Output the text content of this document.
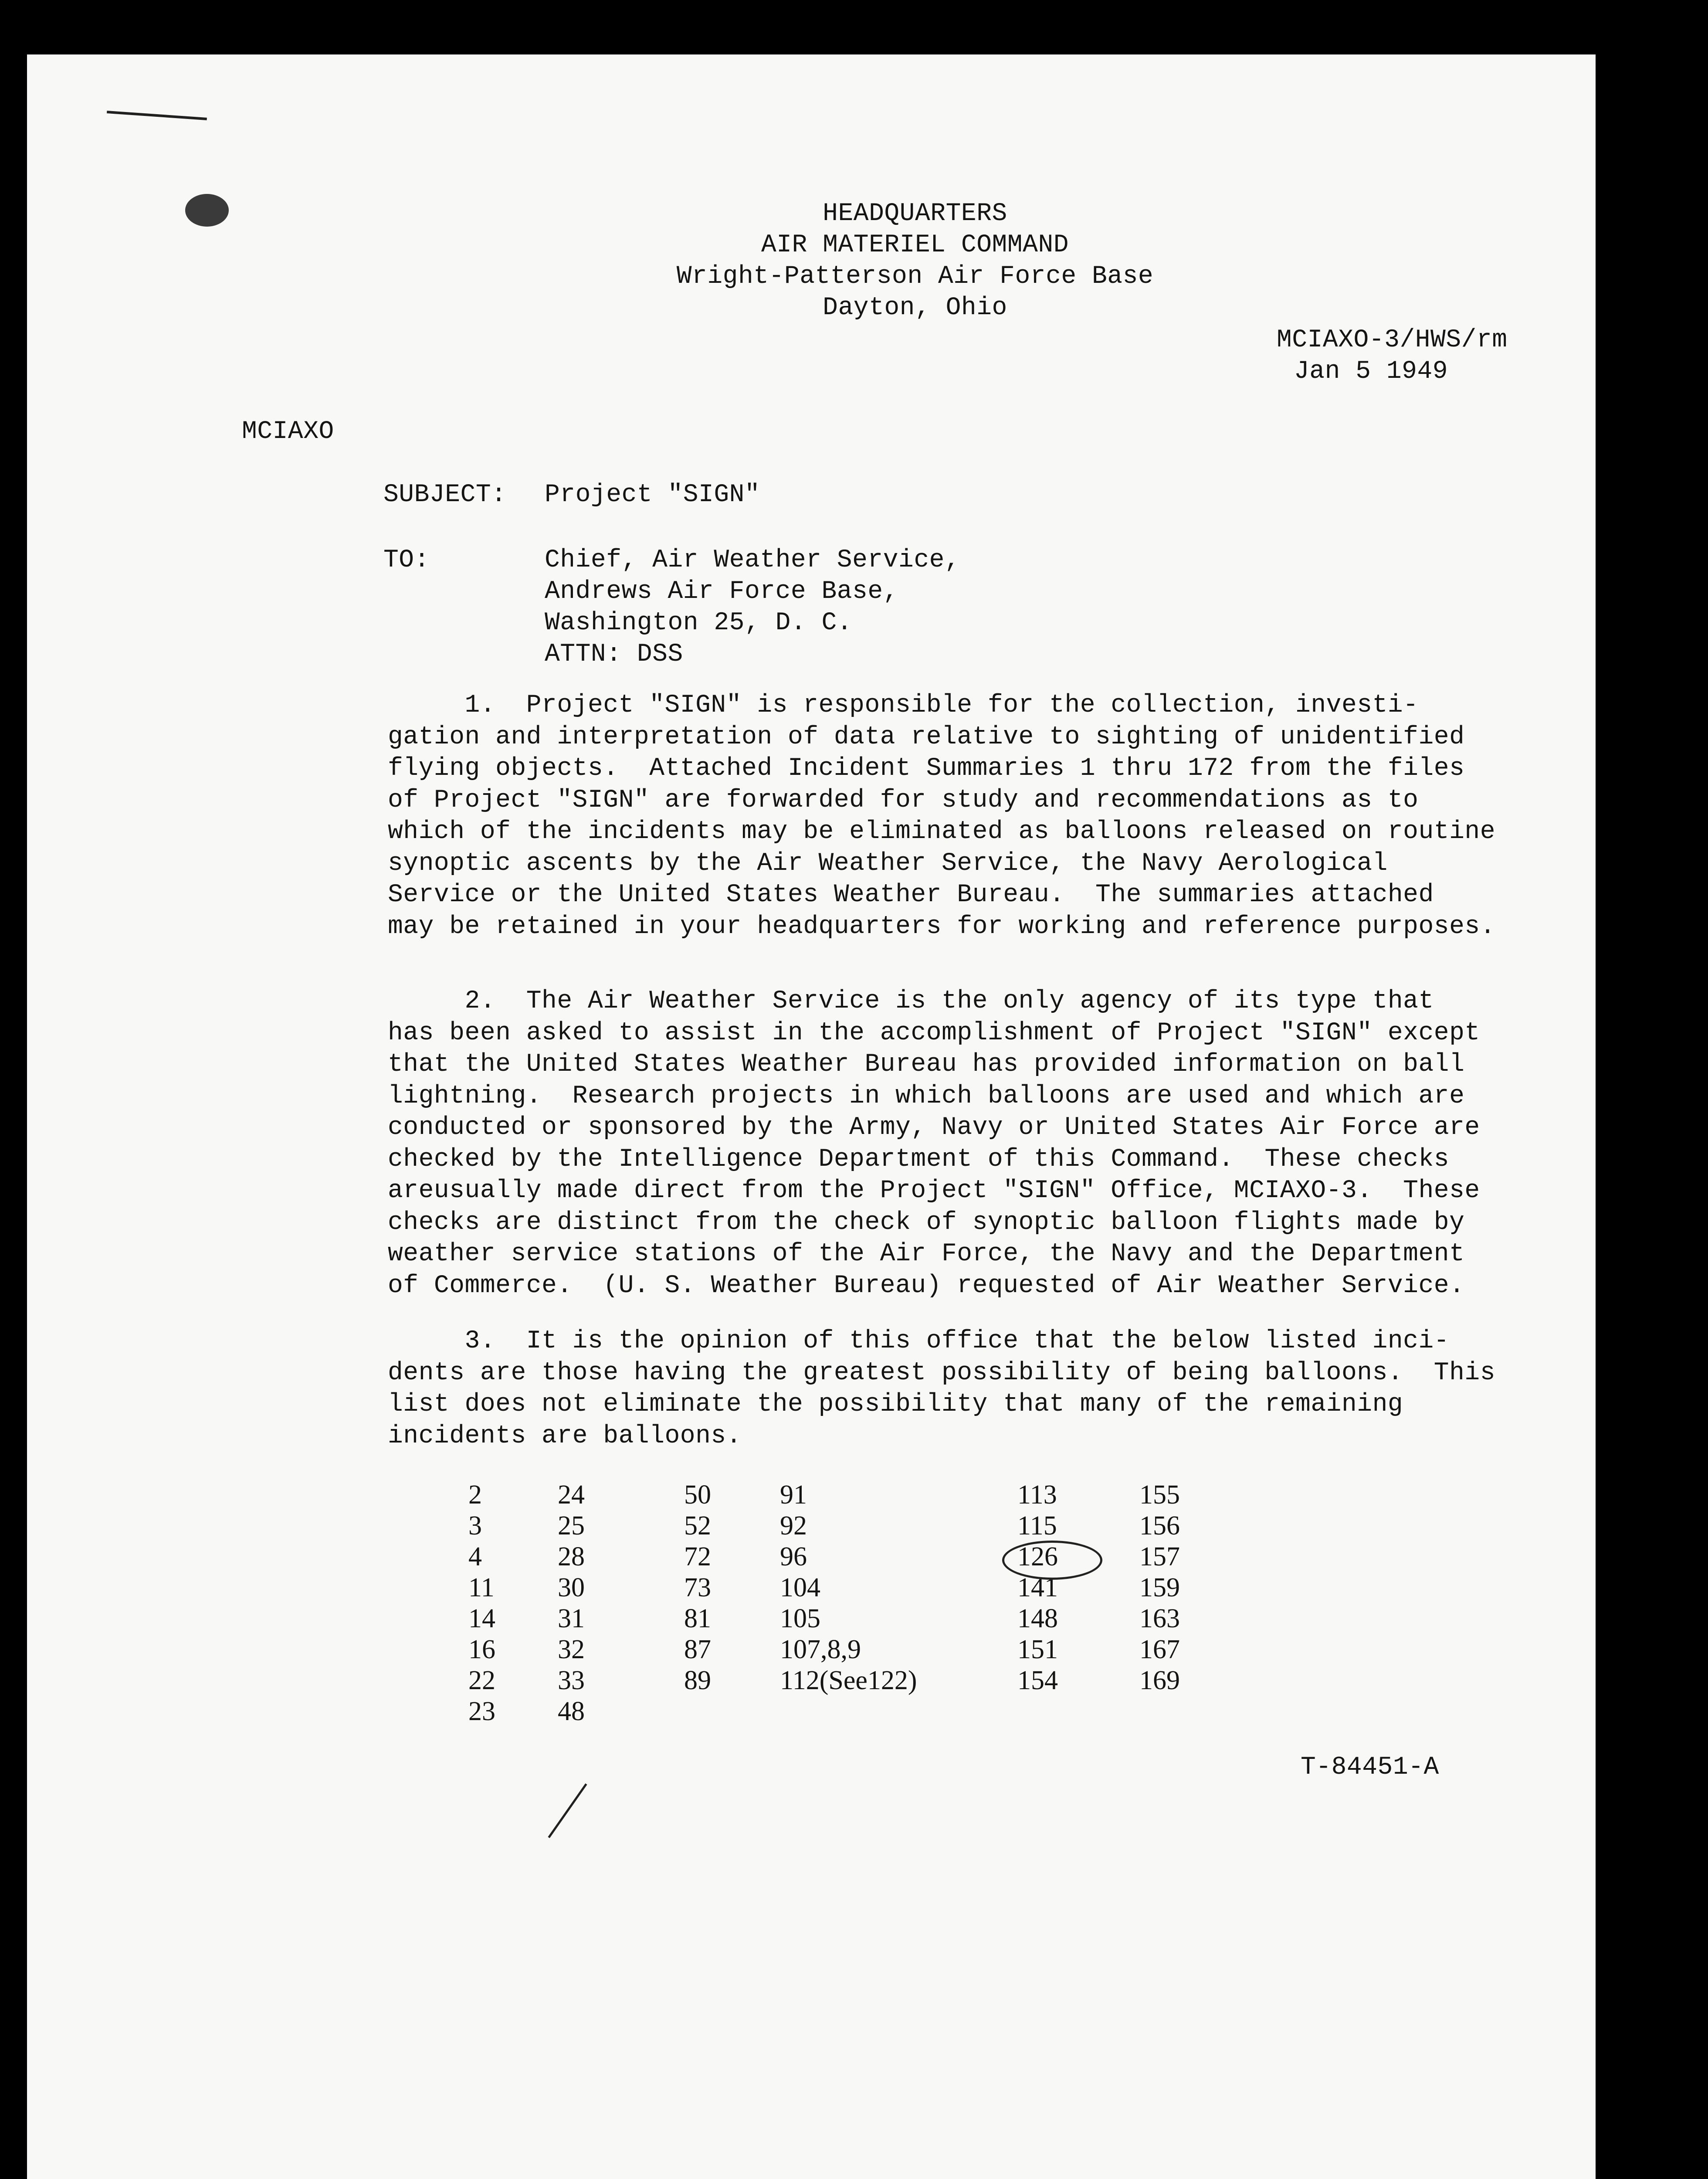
HEADQUARTERS
AIR MATERIEL COMMAND
Wright-Patterson Air Force Base
Dayton, Ohio
MCIAXO-3/HWS/rm
Jan 5 1949
MCIAXO
SUBJECT: Project "SIGN"
TO:	Chief, Air Weather Service,
Andrews Air Force Base,
Washington 25, D. C.
ATTN: DSS
1.  Project "SIGN" is responsible for the collection, investi-
gation and interpretation of data relative to sighting of unidentified
flying objects.  Attached Incident Summaries 1 thru 172 from the files
of Project "SIGN" are forwarded for study and recommendations as to
which of the incidents may be eliminated as balloons released on routine
synoptic ascents by the Air Weather Service, the Navy Aerological
Service or the United States Weather Bureau.  The summaries attached
may be retained in your headquarters for working and reference purposes.
2.  The Air Weather Service is the only agency of its type that
has been asked to assist in the accomplishment of Project "SIGN" except
that the United States Weather Bureau has provided information on ball
lightning.  Research projects in which balloons are used and which are
conducted or sponsored by the Army, Navy or United States Air Force are
checked by the Intelligence Department of this Command.  These checks
areusually made direct from the Project "SIGN" Office, MCIAXO-3.  These
checks are distinct from the check of synoptic balloon flights made by
weather service stations of the Air Force, the Navy and the Department
of Commerce.  (U. S. Weather Bureau) requested of Air Weather Service.
3.  It is the opinion of this office that the below listed inci-
dents are those having the greatest possibility of being balloons.  This
list does not eliminate the possibility that many of the remaining
incidents are balloons.
2
3
4
11
14
16
22
23
24
25
28
30
31
32
33
48
50
52
72
73
81
87
89
91
92
96
104
105
107,8,9
112(See122)
113
115
126
141
148
151
154
155
156
157
159
163
167
169
T-84451-A
